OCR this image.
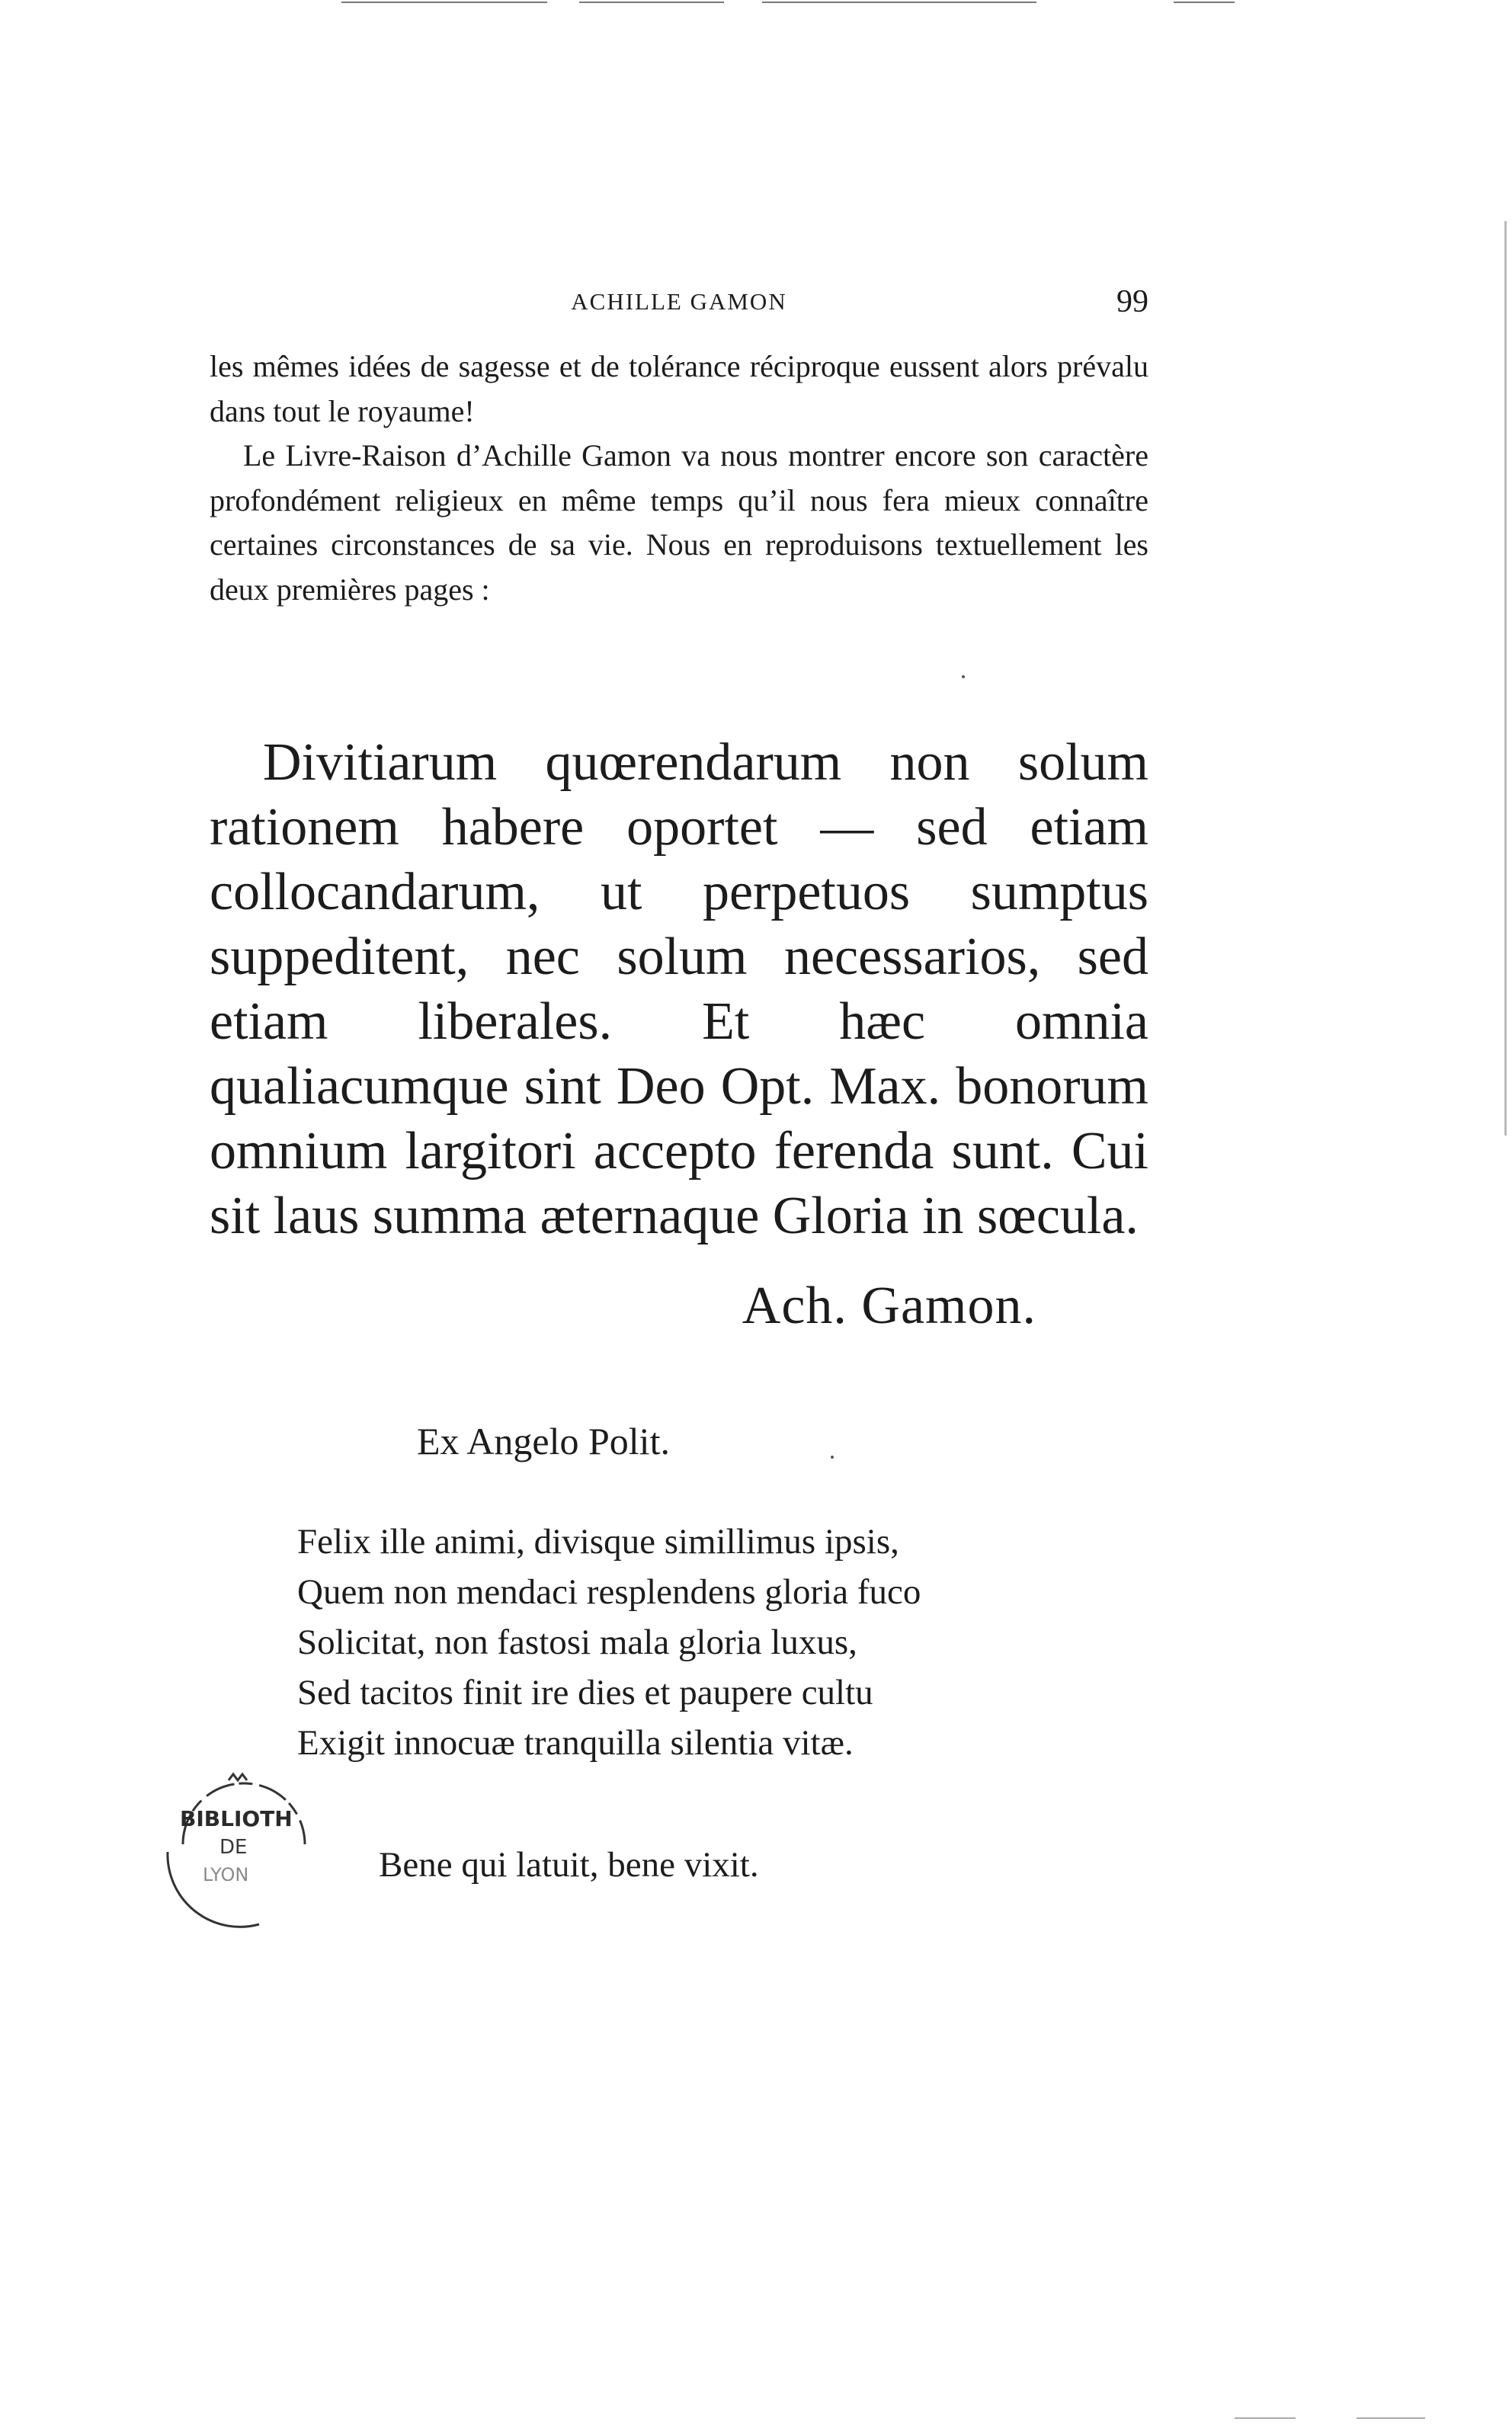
ACHILLE GAMON	99

les mêmes idées de sagesse et de tolérance réciproque eussent alors prévalu dans tout le royaume!

Le Livre-Raison d’Achille Gamon va nous montrer encore son caractère profondément religieux en même temps qu’il nous fera mieux connaître certaines circonstances de sa vie. Nous en reproduisons textuellement les deux premières pages :

Divitiarum quœrendarum non solum rationem habere oportet — sed etiam collocandarum, ut perpetuos sumptus suppeditent, nec solum necessarios, sed etiam liberales. Et hæc omnia qualiacumque sint Deo Opt. Max. bonorum omnium largitori accepto ferenda sunt. Cui sit laus summa æternaque Gloria in sœcula.

Ach. Gamon.
Ex Angelo Polit.
Felix ille animi, divisque simillimus ipsis,
Quem non mendaci resplendens gloria fuco
Solicitat, non fastosi mala gloria luxus,
Sed tacitos finit ire dies et paupere cultu
Exigit innocuæ tranquilla silentia vitæ.
Bene qui latuit, bene vixit.
BIBLIOTH
DE
LYON
